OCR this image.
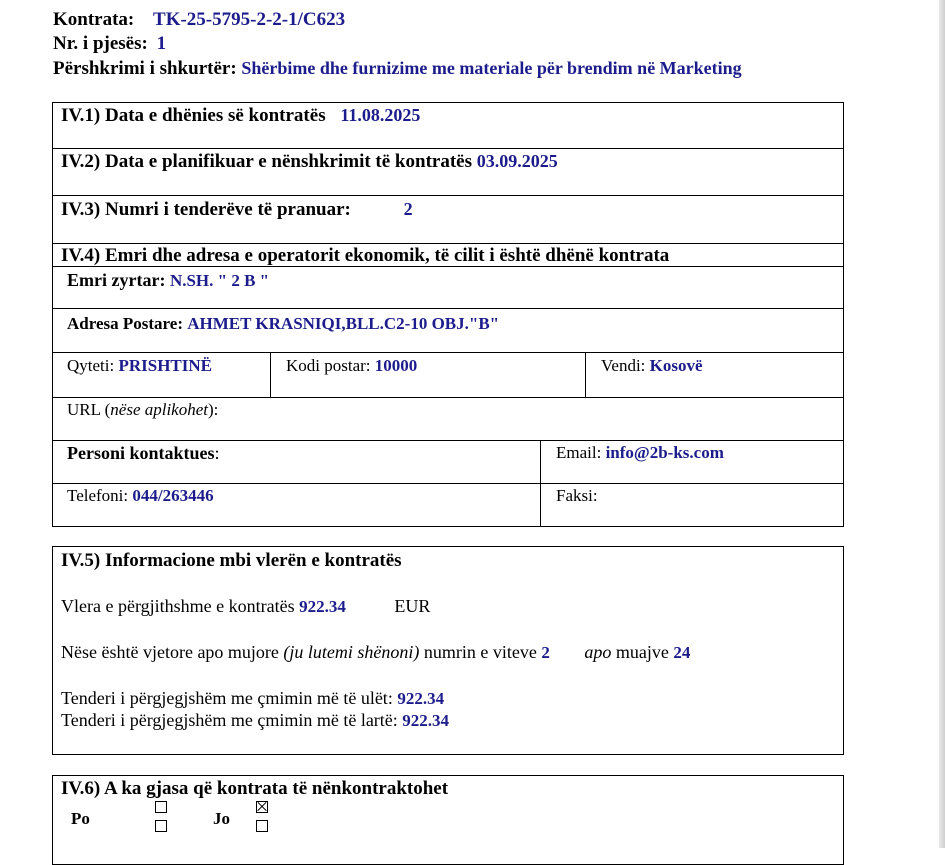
Kontrata: TK-25-5795-2-2-1/C623
Nr. i pjesës: 1
Përshkrimi i shkurtër: Shërbime dhe furnizime me materiale për brendim në Marketing
IV.1) Data e dhënies së kontratës 11.08.2025
IV.2) Data e planifikuar e nënshkrimit të kontratës 03.09.2025
IV.3) Numri i tenderëve të pranuar:	2
IV.4) Emri dhe adresa e operatorit ekonomik, të cilit i është dhënë kontrata
Emri zyrtar: N.SH. " 2 B "
Adresa Postare: AHMET KRASNIQI,BLL.C2-10 OBJ."B"
Qyteti: PRISHTINË	Kodi postar: 10000	Vendi: Kosovë
URL (nëse aplikohet):
Personi kontaktues:	Email: info@2b-ks.com
Telefoni: 044/263446	Faksi:
IV.5) Informacione mbi vlerën e kontratës
Vlera e përgjithshme e kontratës 922.34	EUR
Nëse është vjetore apo mujore (ju lutemi shënoni) numrin e viteve 2 apo muajve 24
Tenderi i përgjegjshëm me çmimin më të ulët: 922.34
Tenderi i përgjegjshëm me çmimin më të lartë: 922.34
IV.6) A ka gjasa që kontrata të nënkontraktohet
Po	Jo
